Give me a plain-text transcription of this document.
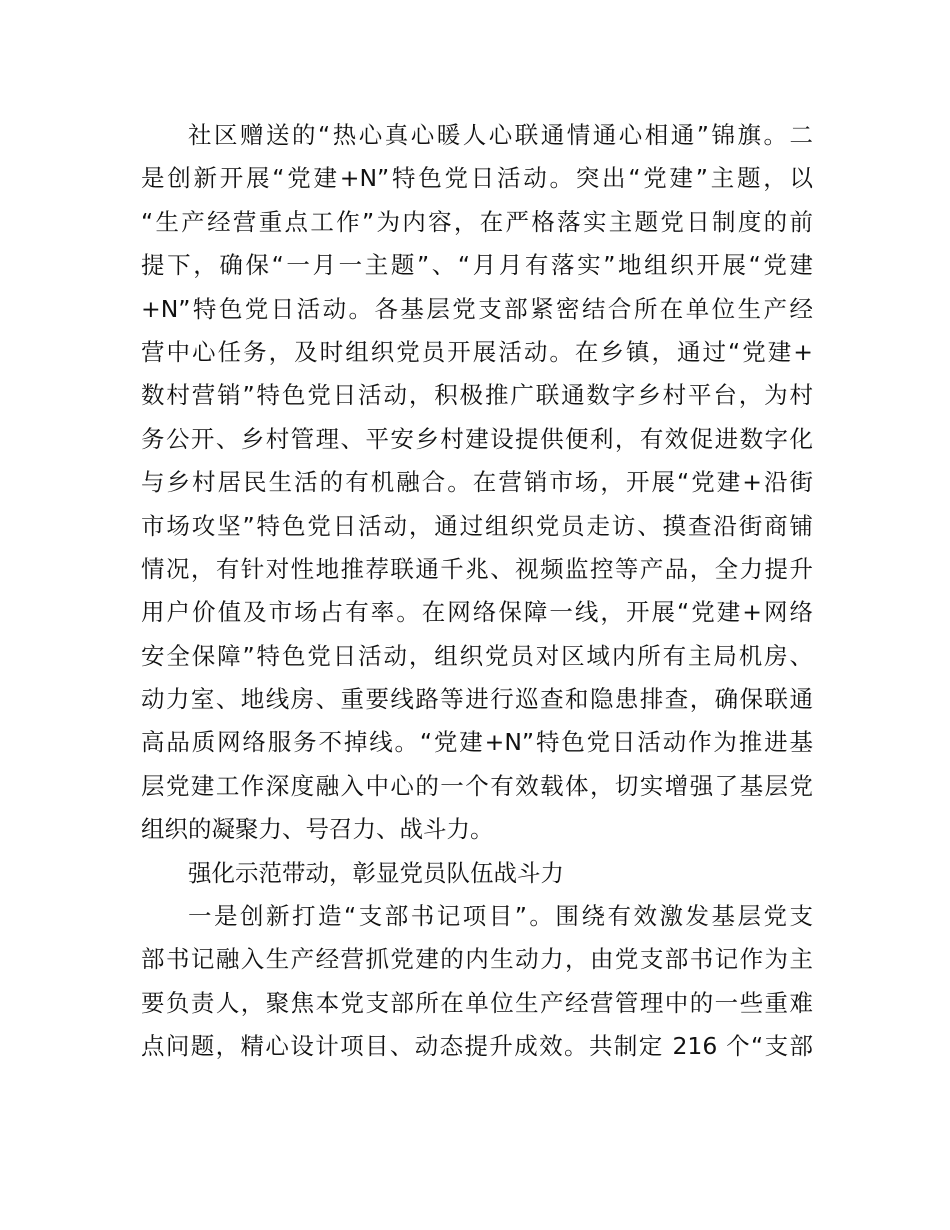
社区赠送的“热心真心暖人心联通情通心相通”锦旗。二
是创新开展“党建+N”特色党日活动。突出“党建”主题，以
“生产经营重点工作”为内容，在严格落实主题党日制度的前
提下，确保“一月一主题”、“月月有落实”地组织开展“党建
+N”特色党日活动。各基层党支部紧密结合所在单位生产经
营中心任务，及时组织党员开展活动。在乡镇，通过“党建+
数村营销”特色党日活动，积极推广联通数字乡村平台，为村
务公开、乡村管理、平安乡村建设提供便利，有效促进数字化
与乡村居民生活的有机融合。在营销市场，开展“党建+沿街
市场攻坚”特色党日活动，通过组织党员走访、摸查沿街商铺
情况，有针对性地推荐联通千兆、视频监控等产品，全力提升
用户价值及市场占有率。在网络保障一线，开展“党建+网络
安全保障”特色党日活动，组织党员对区域内所有主局机房、
动力室、地线房、重要线路等进行巡查和隐患排查，确保联通
高品质网络服务不掉线。“党建+N”特色党日活动作为推进基
层党建工作深度融入中心的一个有效载体，切实增强了基层党
组织的凝聚力、号召力、战斗力。
强化示范带动，彰显党员队伍战斗力
一是创新打造“支部书记项目”。围绕有效激发基层党支
部书记融入生产经营抓党建的内生动力，由党支部书记作为主
要负责人，聚焦本党支部所在单位生产经营管理中的一些重难
点问题，精心设计项目、动态提升成效。共制定 216 个“支部
